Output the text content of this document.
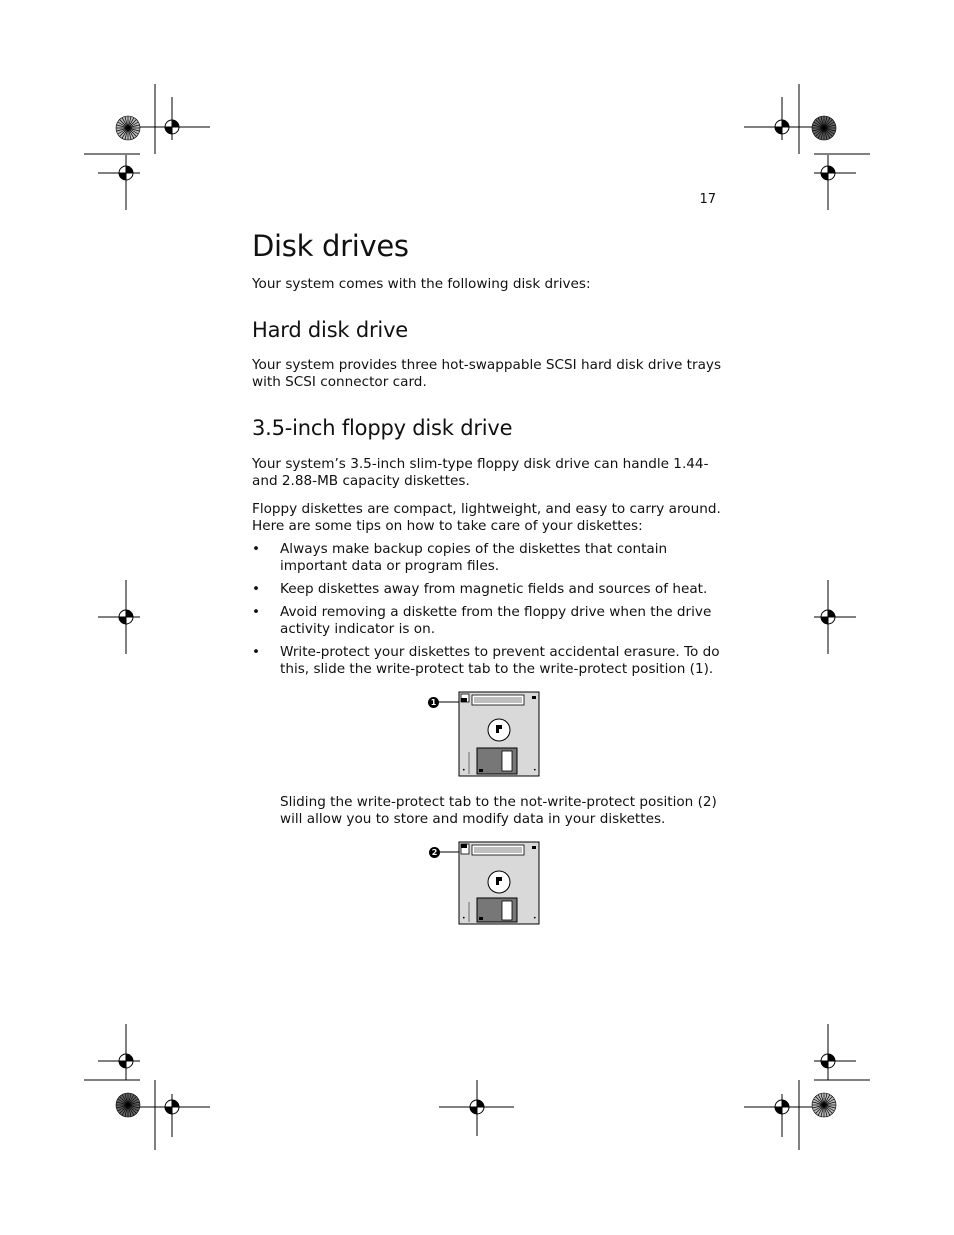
17
Disk drives

Your system comes with the following disk drives:

Hard disk drive

Your system provides three hot-swappable SCSI hard disk drive trays with SCSI connector card.

3.5-inch floppy disk drive

Your system’s 3.5-inch slim-type floppy disk drive can handle 1.44- and 2.88-MB capacity diskettes.

Floppy diskettes are compact, lightweight, and easy to carry around. Here are some tips on how to take care of your diskettes:

• Always make backup copies of the diskettes that contain important data or program files.
• Keep diskettes away from magnetic fields and sources of heat.
• Avoid removing a diskette from the floppy drive when the drive activity indicator is on.
• Write-protect your diskettes to prevent accidental erasure. To do this, slide the write-protect tab to the write-protect position (1).
•	•
1

Sliding the write-protect tab to the not-write-protect position (2) will allow you to store and modify data in your diskettes.

•	•
2
